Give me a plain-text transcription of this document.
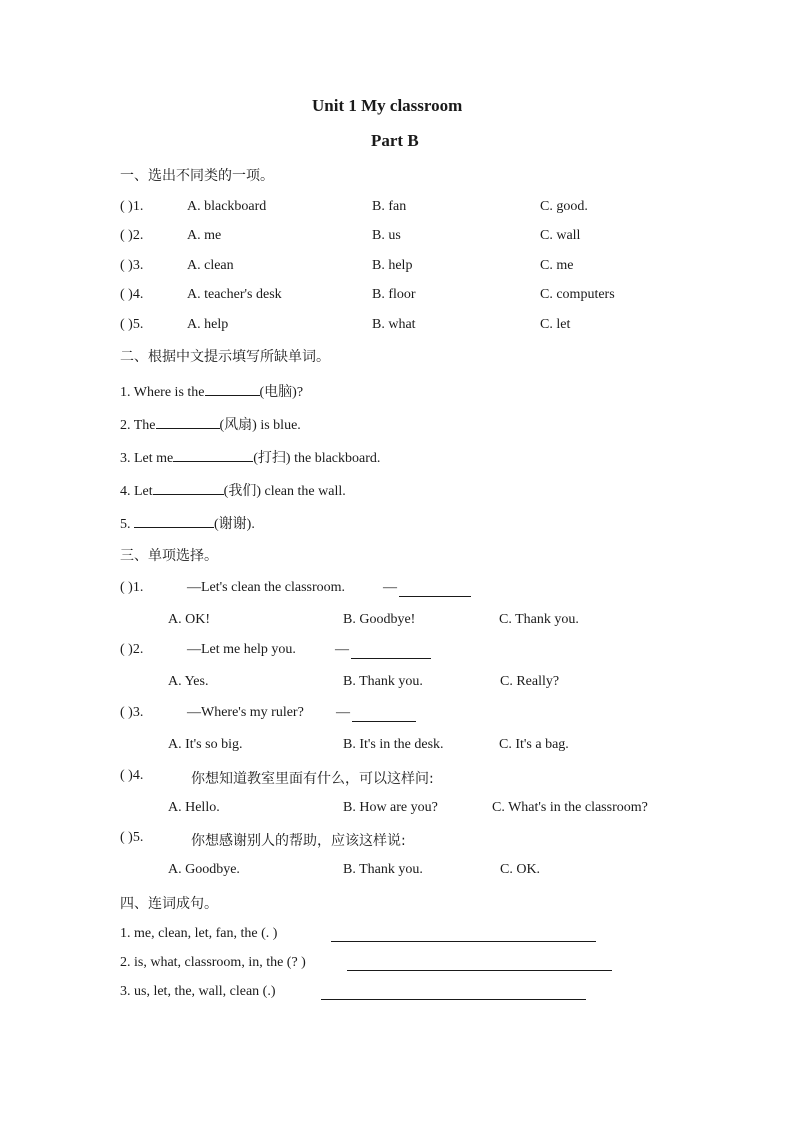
Unit 1 My classroom
Part B
一、选出不同类的一项。
( )1.	A. blackboard	B. fan	C. good.
( )2.	A. me	B. us	C. wall
( )3.	A. clean	B. help	C. me
( )4.	A. teacher's desk	B. floor	C. computers
( )5.	A. help	B. what	C. let
二、根据中文提示填写所缺单词。
1. Where is the	(电脑)?
2. The	(风扇) is blue.
3. Let me	(打扫) the blackboard.
4. Let	(我们) clean the wall.
5.	(谢谢).
三、单项选择。
( )1.	—Let's clean the classroom.	—
A. OK!	B. Goodbye!	C. Thank you.
( )2.	—Let me help you.	—
A. Yes.	B. Thank you.	C. Really?
( )3.	—Where's my ruler? —
A. It's so big.	B. It's in the desk.	C. It's a bag.
( )4.	你想知道教室里面有什么，可以这样问:
A. Hello.	B. How are you?	C. What's in the classroom?
( )5.	你想感谢别人的帮助，应该这样说:
A. Goodbye.	B. Thank you.	C. OK.
四、连词成句。
1. me, clean, let, fan, the (. )
2. is, what, classroom, in, the (? )
3. us, let, the, wall, clean (.)
